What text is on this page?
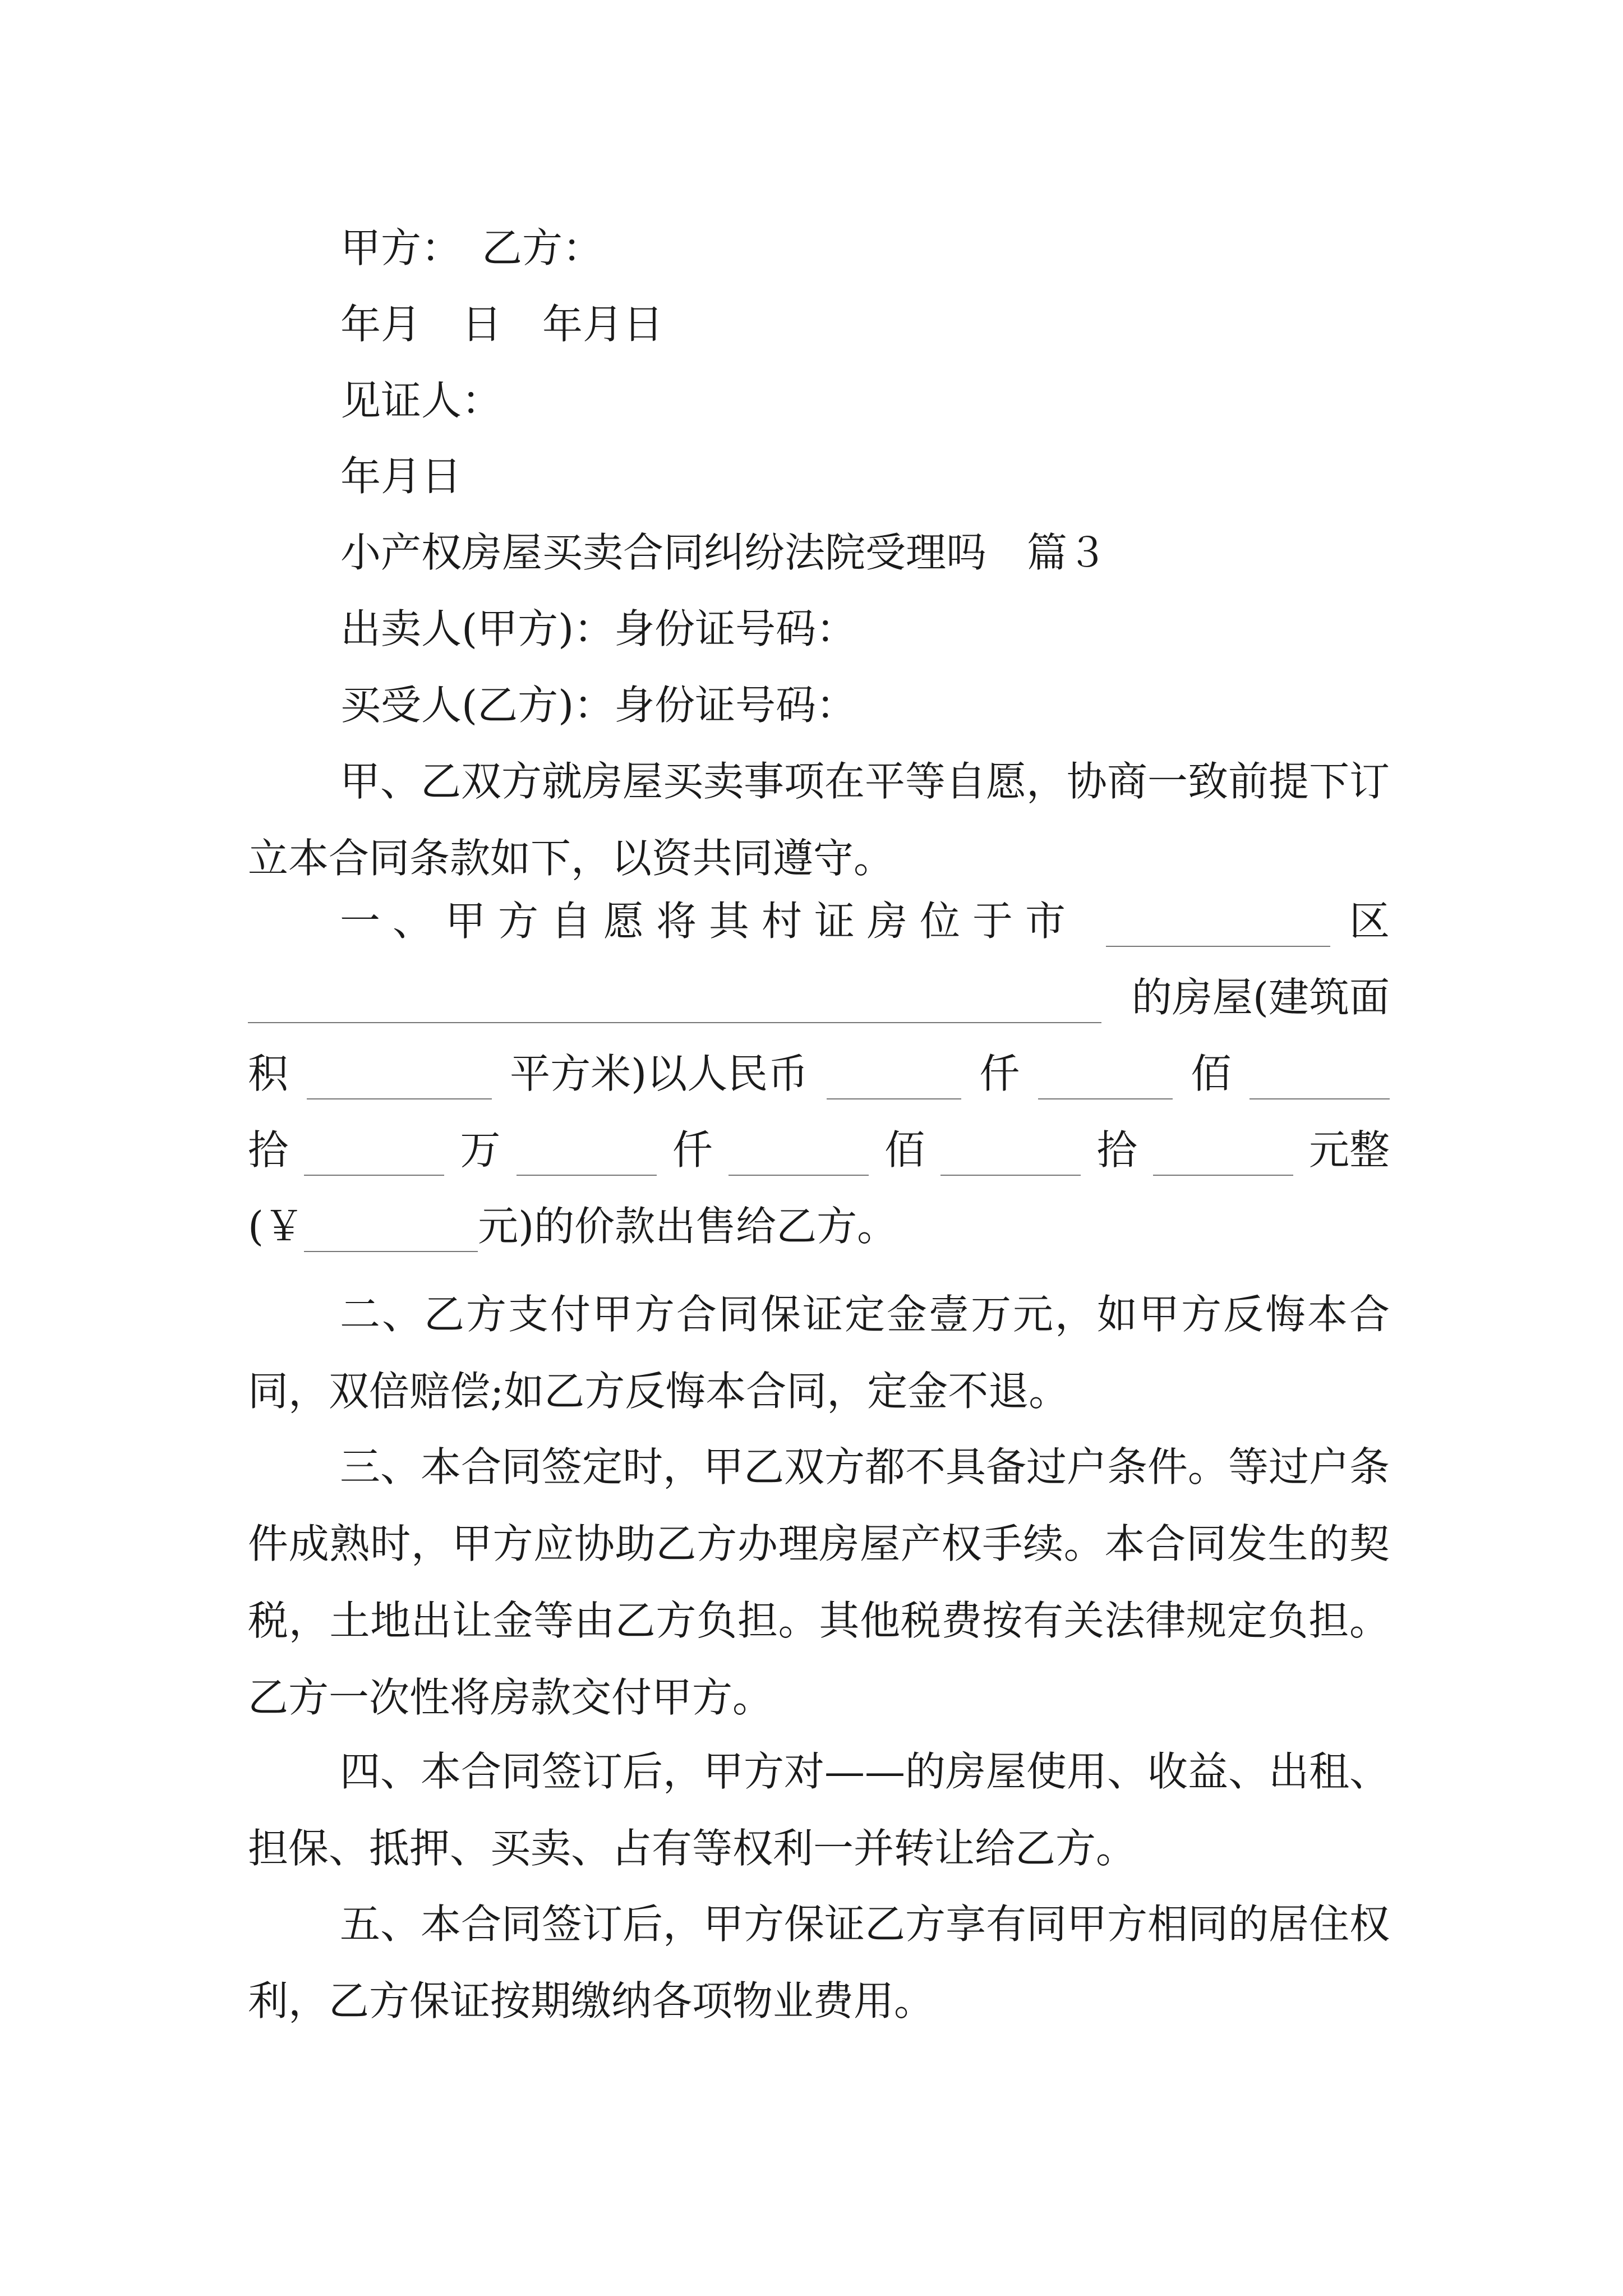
甲方：　乙方：
年月　日　年月日
见证人：
年月日
小产权房屋买卖合同纠纷法院受理吗　篇３
出卖人(甲方)：身份证号码：
买受人(乙方)：身份证号码：

甲、乙双方就房屋买卖事项在平等自愿，协商一致前提下订立本合同条款如下，以资共同遵守。

一、甲方自愿将其村证房位于市	区
的房屋(建筑面
积	平方米)以人民币	仟	佰
拾	万	仟	佰	拾	元整
(￥	元)的价款出售给乙方。

二、乙方支付甲方合同保证定金壹万元，如甲方反悔本合同，双倍赔偿;如乙方反悔本合同，定金不退。

三、本合同签定时，甲乙双方都不具备过户条件。等过户条件成熟时，甲方应协助乙方办理房屋产权手续。本合同发生的契税，土地出让金等由乙方负担。其他税费按有关法律规定负担。乙方一次性将房款交付甲方。

四、本合同签订后，甲方对——的房屋使用、收益、出租、担保、抵押、买卖、占有等权利一并转让给乙方。

五、本合同签订后，甲方保证乙方享有同甲方相同的居住权利，乙方保证按期缴纳各项物业费用。
